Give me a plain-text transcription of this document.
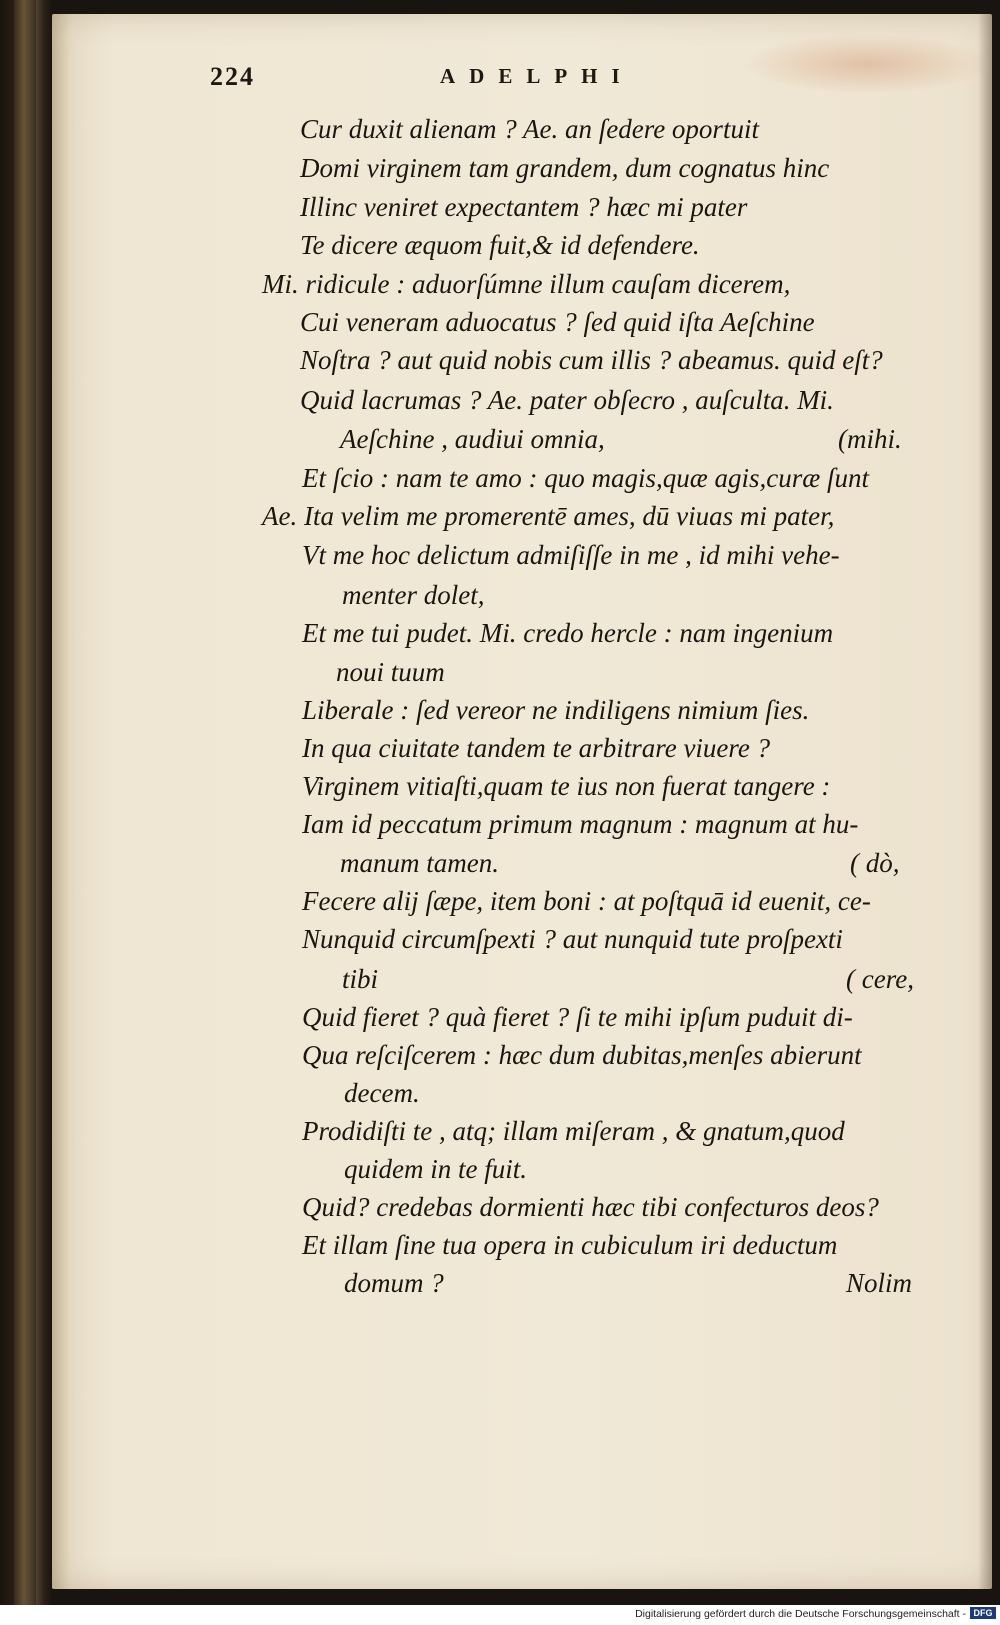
224	ADELPHI
Cur duxit alienam ? Ae. an ſedere oportuit
Domi virginem tam grandem, dum cognatus hinc
Illinc veniret expectantem ? hæc mi pater
Te dicere æquom fuit,& id defendere.
Mi. ridicule : aduorſúmne illum cauſam dicerem,
Cui veneram aduocatus ? ſed quid iſta Aeſchine
Noſtra ? aut quid nobis cum illis ? abeamus. quid eſt?
Quid lacrumas ? Ae. pater obſecro , auſculta. Mi.
Aeſchine , audiui omnia,	(mihi.
Et ſcio : nam te amo : quo magis,quæ agis,curæ ſunt
Ae. Ita velim me promerentē ames, dū viuas mi pater,
Vt me hoc delictum admiſiſſe in me , id mihi vehe-
menter dolet,
Et me tui pudet. Mi. credo hercle : nam ingenium
noui tuum
Liberale : ſed vereor ne indiligens nimium ſies.
In qua ciuitate tandem te arbitrare viuere ?
Virginem vitiaſti,quam te ius non fuerat tangere :
Iam id peccatum primum magnum : magnum at hu-
manum tamen.	( dò,
Fecere alij ſæpe, item boni : at poſtquā id euenit, ce-
Nunquid circumſpexti ? aut nunquid tute proſpexti
tibi	( cere,
Quid fieret ? quà fieret ? ſi te mihi ipſum puduit di-
Qua reſciſcerem : hæc dum dubitas,menſes abierunt
decem.
Prodidiſti te , atq; illam miſeram , & gnatum,quod
quidem in te fuit.
Quid? credebas dormienti hæc tibi confecturos deos?
Et illam ſine tua opera in cubiculum iri deductum
domum ?	Nolim
Digitalisierung gefördert durch die Deutsche Forschungsgemeinschaft - DFG
